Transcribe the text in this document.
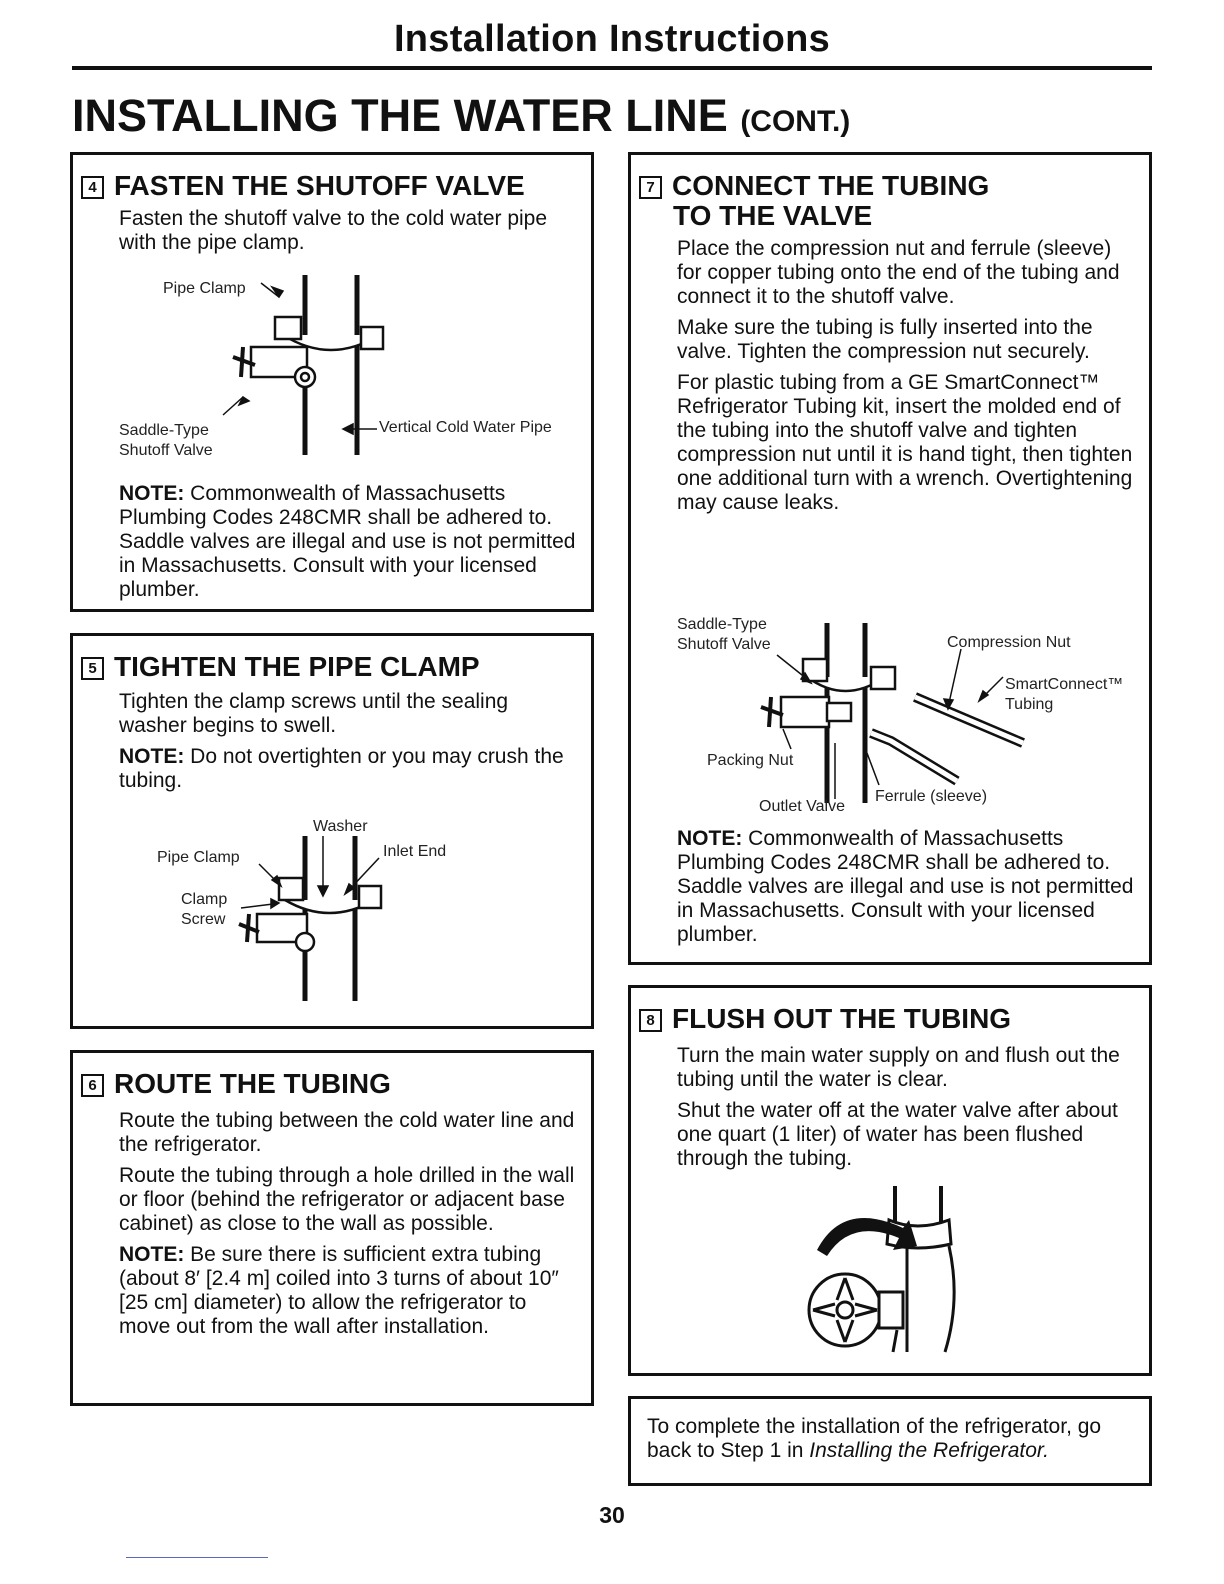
Installation Instructions
INSTALLING THE WATER LINE (CONT.)
4 FASTEN THE SHUTOFF VALVE

Fasten the shutoff valve to the cold water pipe with the pipe clamp.

Pipe Clamp
Saddle-Type
Shutoff Valve
Vertical Cold Water Pipe

NOTE: Commonwealth of Massachusetts Plumbing Codes 248CMR shall be adhered to. Saddle valves are illegal and use is not permitted in Massachusetts. Consult with your licensed plumber.

5 TIGHTEN THE PIPE CLAMP

Tighten the clamp screws until the sealing washer begins to swell.

NOTE: Do not overtighten or you may crush the tubing.

Washer
Pipe Clamp	Inlet End
Clamp
Screw
6 ROUTE THE TUBING

Route the tubing between the cold water line and the refrigerator.

Route the tubing through a hole drilled in the wall or floor (behind the refrigerator or adjacent base cabinet) as close to the wall as possible.

NOTE: Be sure there is sufficient extra tubing (about 8′ [2.4 m] coiled into 3 turns of about 10″ [25 cm] diameter) to allow the refrigerator to move out from the wall after installation.

7 CONNECT THE TUBING
TO THE VALVE

Place the compression nut and ferrule (sleeve) for copper tubing onto the end of the tubing and connect it to the shutoff valve.

Make sure the tubing is fully inserted into the valve. Tighten the compression nut securely.

For plastic tubing from a GE SmartConnect™ Refrigerator Tubing kit, insert the molded end of the tubing into the shutoff valve and tighten compression nut until it is hand tight, then tighten one additional turn with a wrench. Overtightening may cause leaks.

Saddle-Type
Shutoff Valve	Compression Nut
SmartConnect™
Tubing
Packing Nut
Outlet Valve
Ferrule (sleeve)

NOTE: Commonwealth of Massachusetts Plumbing Codes 248CMR shall be adhered to. Saddle valves are illegal and use is not permitted in Massachusetts. Consult with your licensed plumber.

8 FLUSH OUT THE TUBING

Turn the main water supply on and flush out the tubing until the water is clear.

Shut the water off at the water valve after about one quart (1 liter) of water has been flushed through the tubing.

To complete the installation of the refrigerator, go back to Step 1 in Installing the Refrigerator.
30
